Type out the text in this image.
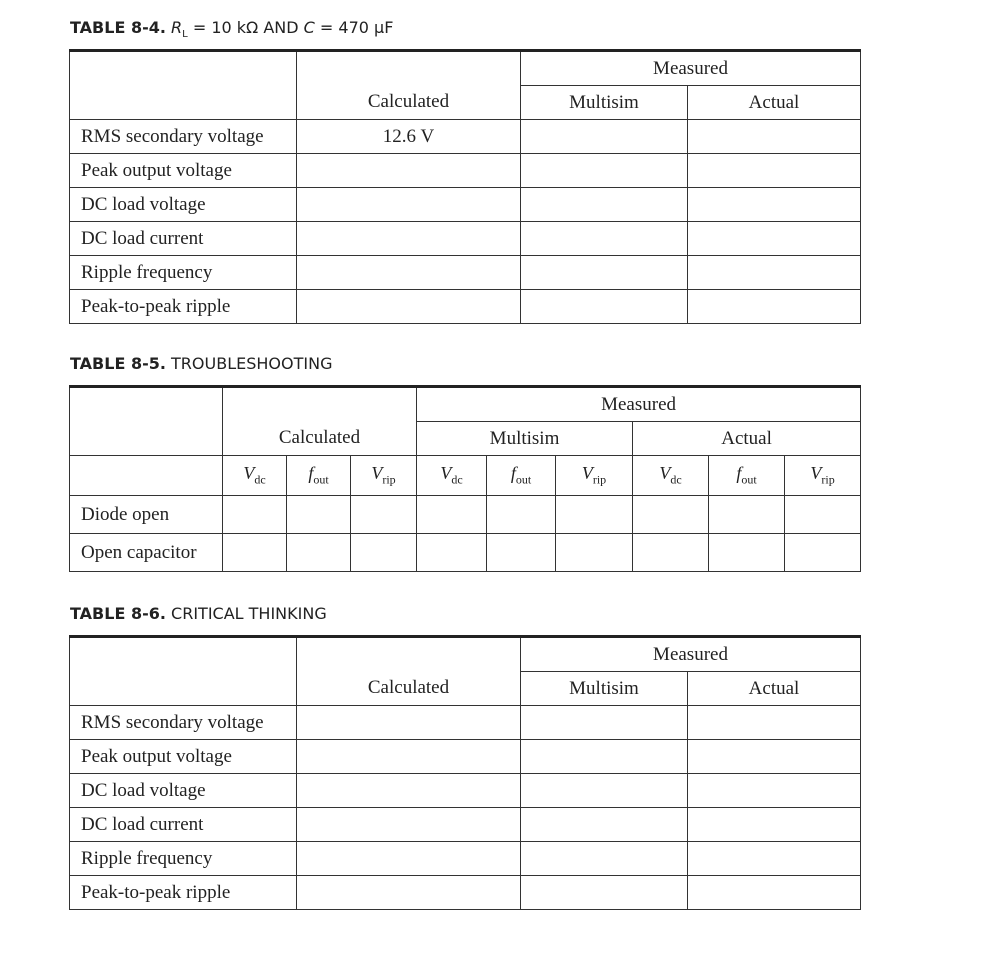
TABLE 8-4. $R_L = 10$ kΩ AND C = 470 µF
		Measured	
	Calculated	Multisim	Actual
RMS secondary voltage	12.6 V		
Peak output voltage			
DC load voltage			
DC load current			
Ripple frequency			
Peak-to-peak ripple			
TABLE 8-5. TROUBLESHOOTING
				Measured					
	Calculated			Multisim			Actual		
	$V_{dc}$	$f_{out}$	$V_{rip}$	$V_{dc}$	$f_{out}$	$V_{rip}$	$V_{dc}$	$f_{out}$	$V_{rip}$
Diode open									
Open capacitor									
TABLE 8-6. CRITICAL THINKING
		Measured	
	Calculated	Multisim	Actual
RMS secondary voltage			
Peak output voltage			
DC load voltage			
DC load current			
Ripple frequency			
Peak-to-peak ripple			
